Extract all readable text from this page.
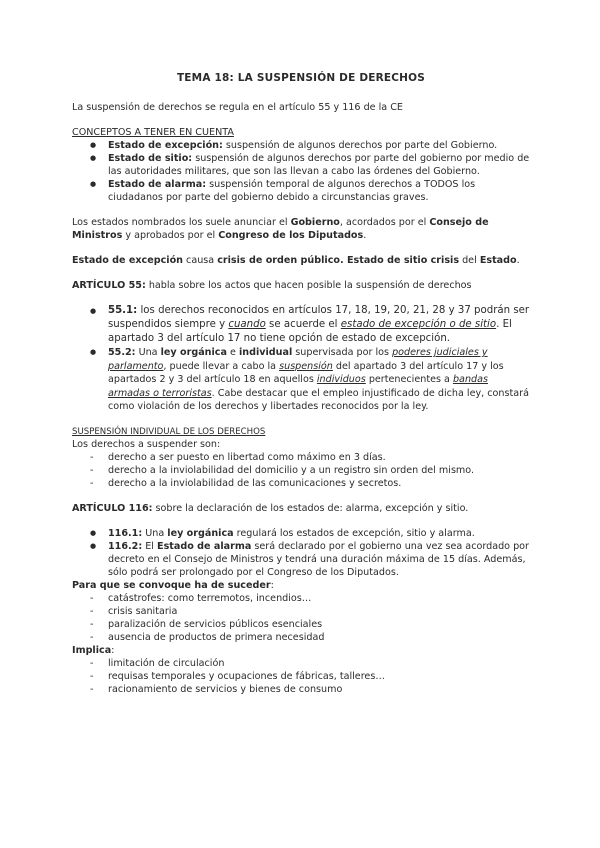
TEMA 18: LA SUSPENSIÓN DE DERECHOS

La suspensión de derechos se regula en el artículo 55 y 116 de la CE

CONCEPTOS A TENER EN CUENTA

● Estado de excepción: suspensión de algunos derechos por parte del Gobierno.
● Estado de sitio: suspensión de algunos derechos por parte del gobierno por medio de las autoridades militares, que son las llevan a cabo las órdenes del Gobierno.
● Estado de alarma: suspensión temporal de algunos derechos a TODOS los ciudadanos por parte del gobierno debido a circunstancias graves.

Los estados nombrados los suele anunciar el Gobierno, acordados por el Consejo de Ministros y aprobados por el Congreso de los Diputados.

Estado de excepción causa crisis de orden público. Estado de sitio crisis del Estado.

ARTÍCULO 55: habla sobre los actos que hacen posible la suspensión de derechos

● 55.1: los derechos reconocidos en artículos 17, 18, 19, 20, 21, 28 y 37 podrán ser suspendidos siempre y cuando se acuerde el estado de excepción o de sitio. El apartado 3 del artículo 17 no tiene opción de estado de excepción.
● 55.2: Una ley orgánica e individual supervisada por los poderes judiciales y parlamento, puede llevar a cabo la suspensión del apartado 3 del artículo 17 y los apartados 2 y 3 del artículo 18 en aquellos individuos pertenecientes a bandas armadas o terroristas. Cabe destacar que el empleo injustificado de dicha ley, constará como violación de los derechos y libertades reconocidos por la ley.

SUSPENSIÓN INDIVIDUAL DE LOS DERECHOS

Los derechos a suspender son:

- derecho a ser puesto en libertad como máximo en 3 días.
- derecho a la inviolabilidad del domicilio y a un registro sin orden del mismo.
- derecho a la inviolabilidad de las comunicaciones y secretos.

ARTÍCULO 116: sobre la declaración de los estados de: alarma, excepción y sitio.

● 116.1: Una ley orgánica regulará los estados de excepción, sitio y alarma.
● 116.2: El Estado de alarma será declarado por el gobierno una vez sea acordado por decreto en el Consejo de Ministros y tendrá una duración máxima de 15 días. Además, sólo podrá ser prolongado por el Congreso de los Diputados.

Para que se convoque ha de suceder:

- catástrofes: como terremotos, incendios…
- crisis sanitaria
- paralización de servicios públicos esenciales
- ausencia de productos de primera necesidad

Implica:

- limitación de circulación
- requisas temporales y ocupaciones de fábricas, talleres…
- racionamiento de servicios y bienes de consumo
